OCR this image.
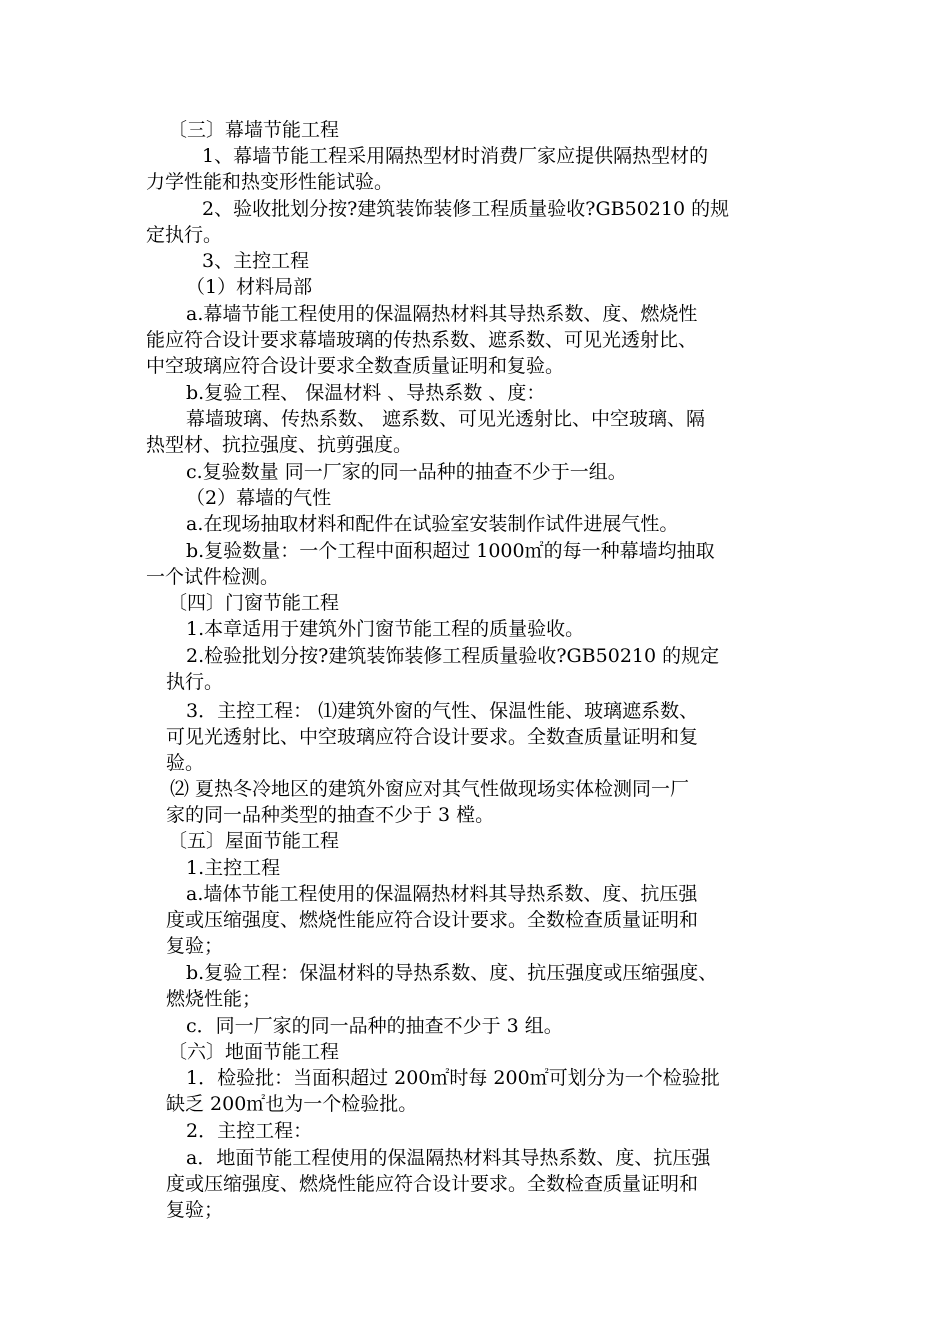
〔三〕幕墙节能工程
1、幕墙节能工程采用隔热型材时消费厂家应提供隔热型材的
力学性能和热变形性能试验。
2、验收批划分按?建筑装饰装修工程质量验收?GB50210 的规
定执行。
3、主控工程
（1）材料局部
a.幕墙节能工程使用的保温隔热材料其导热系数、度、燃烧性
能应符合设计要求幕墙玻璃的传热系数、遮系数、可见光透射比、
中空玻璃应符合设计要求全数查质量证明和复验。
b.复验工程、 保温材料 、导热系数 、度：
幕墙玻璃、传热系数、 遮系数、可见光透射比、中空玻璃、隔
热型材、抗拉强度、抗剪强度。
c.复验数量 同一厂家的同一品种的抽查不少于一组。
（2）幕墙的气性
a.在现场抽取材料和配件在试验室安装制作试件进展气性。
b.复验数量：一个工程中面积超过 1000㎡的每一种幕墙均抽取
一个试件检测。
〔四〕门窗节能工程
1.本章适用于建筑外门窗节能工程的质量验收。
2.检验批划分按?建筑装饰装修工程质量验收?GB50210 的规定
执行。
3．主控工程： ⑴建筑外窗的气性、保温性能、玻璃遮系数、
可见光透射比、中空玻璃应符合设计要求。全数查质量证明和复
验。
⑵ 夏热冬冷地区的建筑外窗应对其气性做现场实体检测同一厂
家的同一品种类型的抽查不少于 3 樘。
〔五〕屋面节能工程
1.主控工程
a.墙体节能工程使用的保温隔热材料其导热系数、度、抗压强
度或压缩强度、燃烧性能应符合设计要求。全数检查质量证明和
复验；
b.复验工程：保温材料的导热系数、度、抗压强度或压缩强度、
燃烧性能；
c．同一厂家的同一品种的抽查不少于 3 组。
〔六〕地面节能工程
1．检验批：当面积超过 200㎡时每 200㎡可划分为一个检验批
缺乏 200㎡也为一个检验批。
2．主控工程：
a．地面节能工程使用的保温隔热材料其导热系数、度、抗压强
度或压缩强度、燃烧性能应符合设计要求。全数检查质量证明和
复验；
